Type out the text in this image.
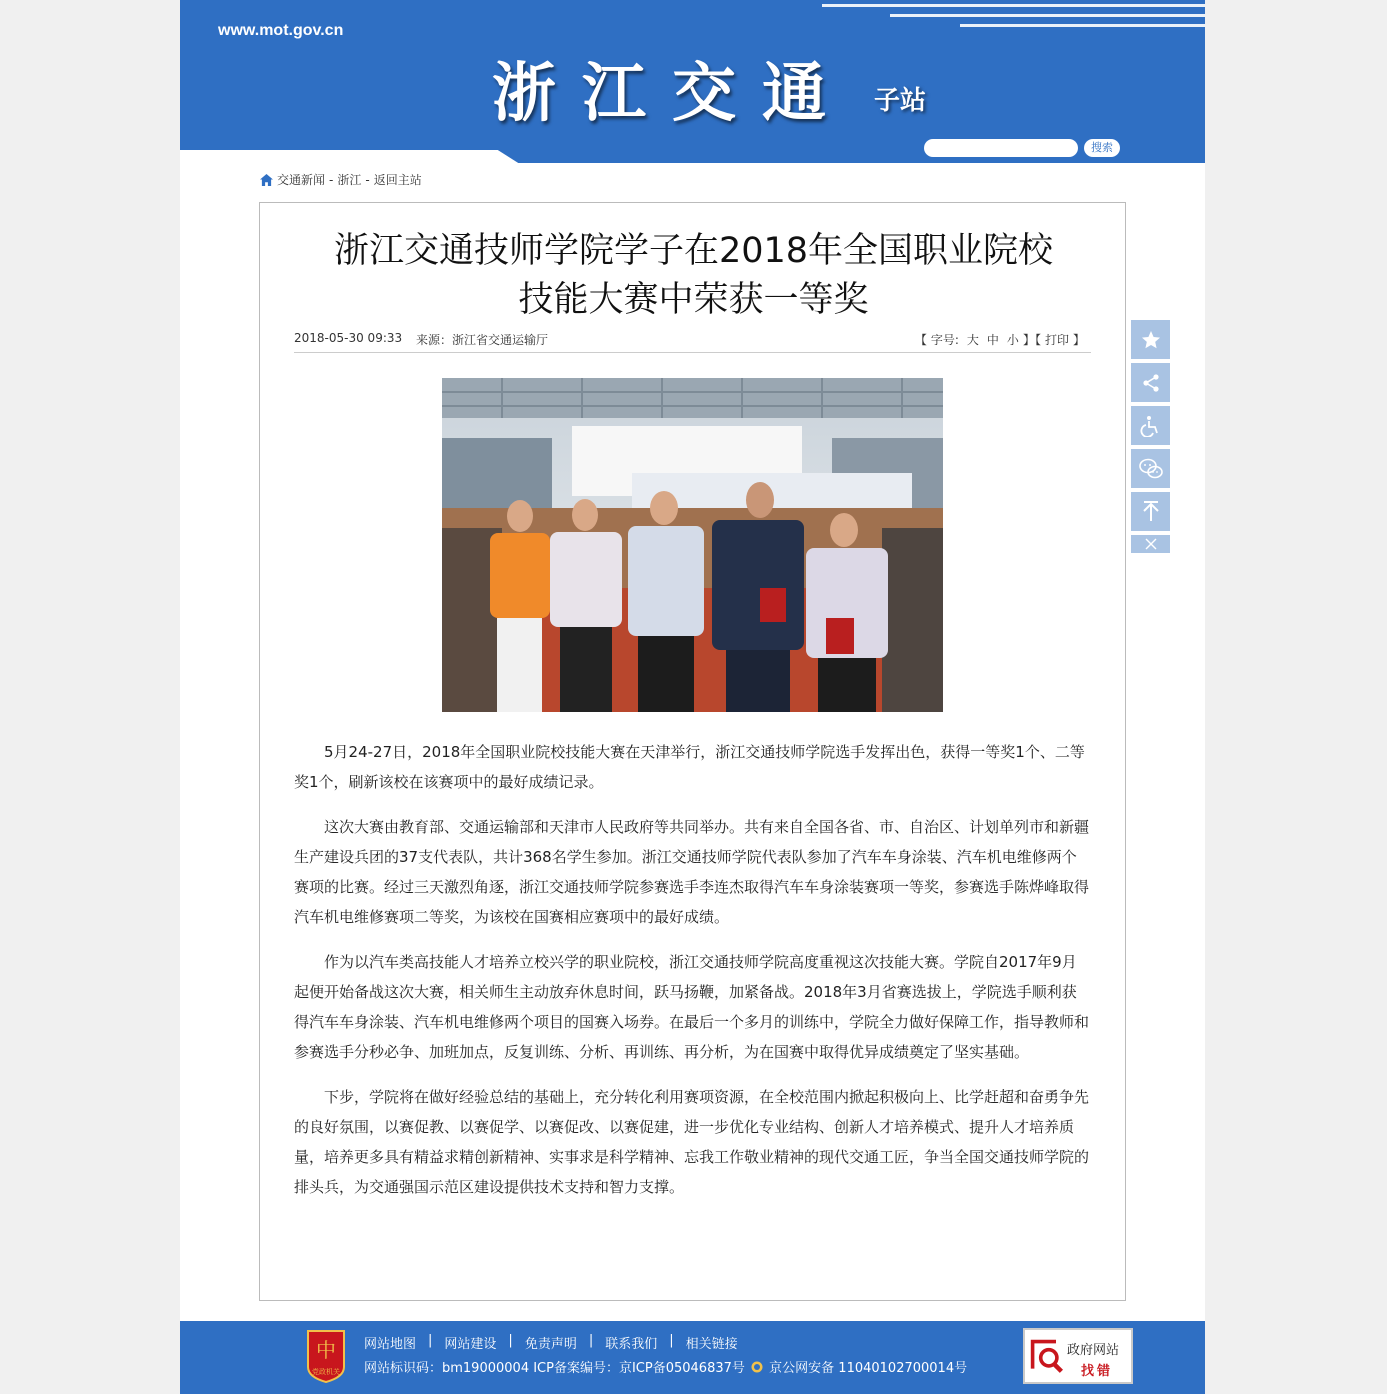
www.mot.gov.cn
浙江交通 子站
搜索
交通新闻 - 浙江 - 返回主站
浙江交通技师学院学子在2018年全国职业院校
技能大赛中荣获一等奖
2018-05-30 09:33 来源：浙江省交通运输厅	【 字号: 大 中 小 】【 打印 】

5月24-27日，2018年全国职业院校技能大赛在天津举行，浙江交通技师学院选手发挥出色，获得一等奖1个、二等奖1个，刷新该校在该赛项中的最好成绩记录。

这次大赛由教育部、交通运输部和天津市人民政府等共同举办。共有来自全国各省、市、自治区、计划单列市和新疆生产建设兵团的37支代表队，共计368名学生参加。浙江交通技师学院代表队参加了汽车车身涂装、汽车机电维修两个赛项的比赛。经过三天激烈角逐，浙江交通技师学院参赛选手李连杰取得汽车车身涂装赛项一等奖，参赛选手陈烨峰取得汽车机电维修赛项二等奖，为该校在国赛相应赛项中的最好成绩。

作为以汽车类高技能人才培养立校兴学的职业院校，浙江交通技师学院高度重视这次技能大赛。学院自2017年9月起便开始备战这次大赛，相关师生主动放弃休息时间，跃马扬鞭，加紧备战。2018年3月省赛选拔上，学院选手顺利获得汽车车身涂装、汽车机电维修两个项目的国赛入场券。在最后一个多月的训练中，学院全力做好保障工作，指导教师和参赛选手分秒必争、加班加点，反复训练、分析、再训练、再分析，为在国赛中取得优异成绩奠定了坚实基础。

下步，学院将在做好经验总结的基础上，充分转化利用赛项资源，在全校范围内掀起积极向上、比学赶超和奋勇争先的良好氛围，以赛促教、以赛促学、以赛促改、以赛促建，进一步优化专业结构、创新人才培养模式、提升人才培养质量，培养更多具有精益求精创新精神、实事求是科学精神、忘我工作敬业精神的现代交通工匠，争当全国交通技师学院的排头兵，为交通强国示范区建设提供技术支持和智力支撑。

中
党政机关
网站地图 | 网站建设 | 免责声明 | 联系我们 | 相关链接
网站标识码：bm19000004 ICP备案编号：京ICP备05046837号 京公网安备 11040102700014号
政府网站
找错
